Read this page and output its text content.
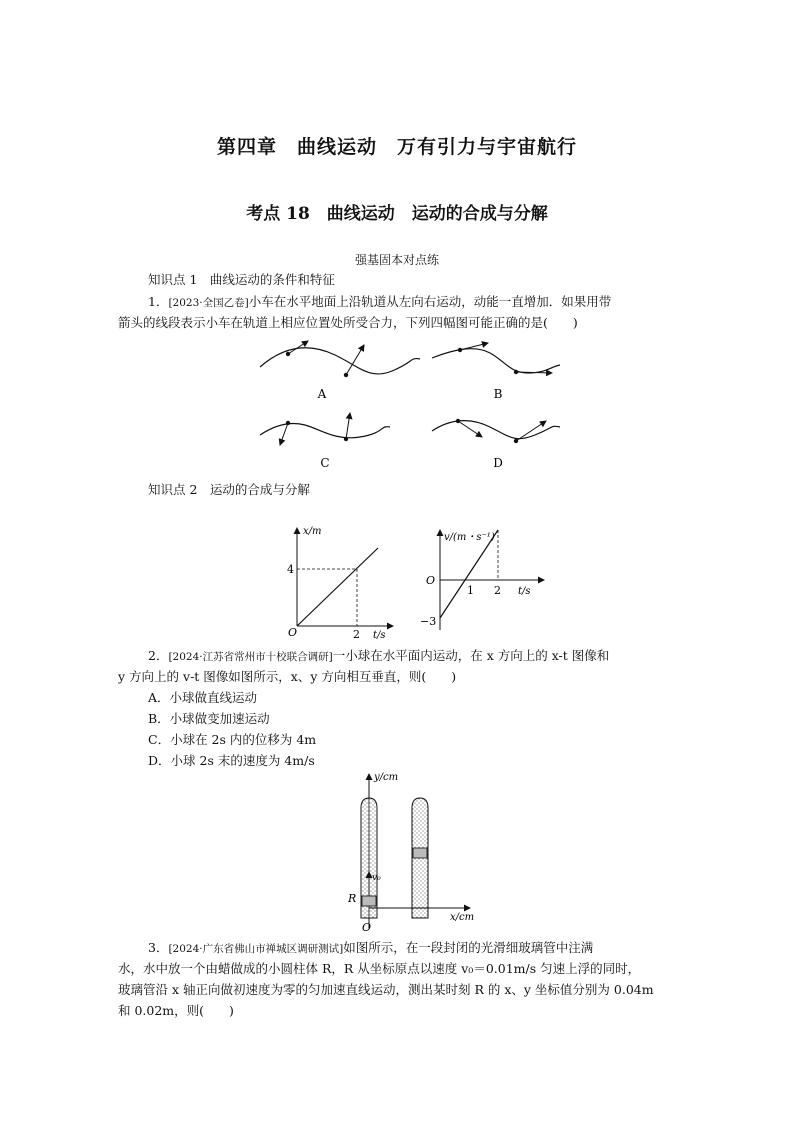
第四章　曲线运动　万有引力与宇宙航行
考点 18　曲线运动　运动的合成与分解
强基固本对点练
知识点 1　曲线运动的条件和特征
1．[2023·全国乙卷]小车在水平地面上沿轨道从左向右运动，动能一直增加．如果用带
箭头的线段表示小车在轨道上相应位置处所受合力，下列四幅图可能正确的是(　　)
A	B
C	D
知识点 2　运动的合成与分解
x/m
4
O	2 t/s
v/(m・s⁻¹)
O
1 2 t/s
−3
2．[2024·江苏省常州市十校联合调研]一小球在水平面内运动，在 x 方向上的 x-t 图像和
y 方向上的 v-t 图像如图所示，x、y 方向相互垂直，则(　　)
A．小球做直线运动
B．小球做变加速运动
C．小球在 2s 内的位移为 4m
D．小球 2s 末的速度为 4m/s
y/cm
v₀
R
x/cm
O
3．[2024·广东省佛山市禅城区调研测试]如图所示，在一段封闭的光滑细玻璃管中注满
水，水中放一个由蜡做成的小圆柱体 R，R 从坐标原点以速度 v₀＝0.01m/s 匀速上浮的同时，
玻璃管沿 x 轴正向做初速度为零的匀加速直线运动，测出某时刻 R 的 x、y 坐标值分别为 0.04m
和 0.02m，则(　　)
